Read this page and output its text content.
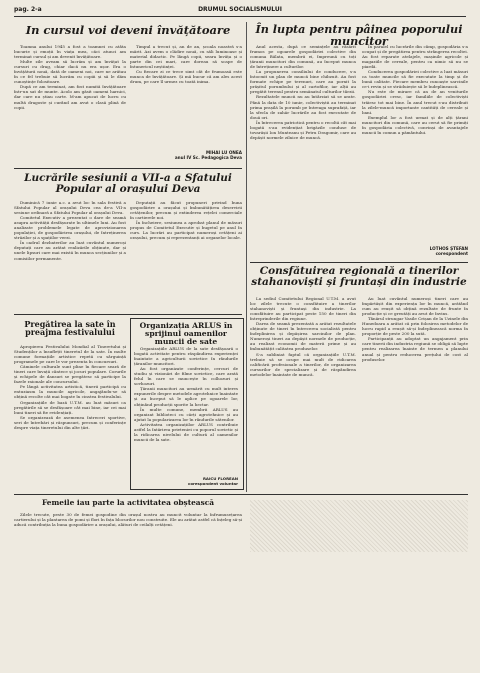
pag. 2-a	DRUMUL SOCIALISMULUI
In cursul voi deveni învățătoare

Toamna anului 1945 a fost a toamnei cu atâta bucurie și emoții în viața mea, căci atunci am terminat cursul și am devenit învățătoare.

Multe zile aveam să lucrăm și am învățat la cursuri cu drag, chiar dacă nu era ușor. Era o învățătură nouă, dată de oameni noi, care ne arătau în ce fel trebuie să lucrăm cu copiii și să le dăm cunoștințe folositoare.

După ce am terminat, am fost numită învățătoare într-un sat de munte. Acolo am găsit oameni harnici, dar care nu știau carte. M-am apucat de lucru cu multă dragoste și curând am avut o clasă plină de copii.

Timpul a trecut și, an de an, școala noastră s-a mărit. Azi avem o clădire nouă, cu săli luminoase și material didactic. Pe lângă copii, seara învăța și o parte din cei mari, care doreau să scape de întunericul neștiinței.

Cu fiecare zi ce trece simt cât de frumoasă este munca de învățătoare. Și mă bucur că am ales acest drum, pe care îl urmez cu toată inima.

MIHAI LU ONEA
anul IV Sc. Pedagogica Deva
Lucrările sesiunii a VII-a a Sfatului Popular al orașului Deva

Duminică 7 iunie a.c. a avut loc în sala festivă a Sfatului Popular al orașului Deva cea de-a VII-a sesiune ordinară a Sfatului Popular al orașului Deva.

Comitetul Executiv a prezentat o dare de seamă asupra activității desfășurate în ultimele luni. Au fost analizate problemele legate de aprovizionarea populației, de gospodărirea orașului, de întreținerea străzilor și a spațiilor verzi.

În cadrul dezbaterilor au luat cuvântul numeroși deputați care au arătat realizările obținute, dar și unele lipsuri care mai există în munca secțiunilor și a comisiilor permanente.

Deputații au făcut propuneri privind buna gospodărire a orașului și îmbunătățirea deservirii cetățenilor, precum și extinderea rețelei comerciale în cartierele noi.

În încheiere, sesiunea a aprobat planul de măsuri propus de Comitetul Executiv și bugetul pe anul în curs. La lucrări au participat numeroși cetățeni ai orașului, precum și reprezentanți ai organelor locale.

În lupta pentru pâinea poporului muncitor

Anul acesta, după ce semințele au răsărit frumos pe ogoarele gospodăriei colective din comuna Bălata, membrii ei, împreună cu toți țăranii muncitori din comună, au început munca de întreținere a culturilor.

La propunerea consiliului de conducere, s-a întocmit un plan de muncă bine chibzuit. Au fost formate echipe pe terenuri, care au pornit la prășitul porumbului și al cartofilor, iar alții au pregătit terenul pentru semănatul culturilor târzii.

Rezultatele muncii nu au întârziat să se arate. Până la data de 10 iunie, colectiviștii au terminat prima prașilă la porumb pe întreaga suprafață, iar la sfecla de zahăr lucrările au fost executate de două ori.

În întrecerea patriotică pentru o recoltă cât mai bogată s-au evidențiat brigăzile conduse de tovarășii Ion Munteanu și Petru Dragomir, care au depășit normele zilnice de muncă.

În paralel cu lucrările din câmp, gospodăria s-a ocupat și de pregătirea pentru strângerea recoltei. Au fost reparate atelajele, mașinile agricole și magaziile de cereale, pentru ca nimic să nu se piardă.

Conducerea gospodăriei colective a luat măsuri ca toate muncile să fie executate la timp și de bună calitate. Fiecare membru cunoaște sarcinile ce-i revin și se străduiește să le îndeplinească.

Nu este de mirare că an de an veniturile gospodăriei cresc, iar familiile de colectiviști trăiesc tot mai bine. În anul trecut s-au distribuit la zilele-muncă importante cantități de cereale și bani.

Exemplul lor a fost urmat și de alți țărani muncitori din comună, care au cerut să fie primiți în gospodăria colectivă, convinși de avantajele muncii în comun a pământului.

LOTHOS ȘTEFAN
corespondent
Consfătuirea regională a tinerilor stahanoviști și fruntași din industrie

La sediul Comitetului Regional U.T.M. a avut loc zilele trecute o consfătuire a tinerilor stahanoviști și fruntași din industrie. La consfătuire au participat peste 150 de tineri din întreprinderile din regiune.

Darea de seamă prezentată a arătat rezultatele obținute de tineri în întrecerea socialistă pentru îndeplinirea și depășirea sarcinilor de plan. Numeroși tineri au depășit normele de producție, au realizat economii de materii prime și au îmbunătățit calitatea produselor.

S-a subliniat faptul că organizațiile U.T.M. trebuie să se ocupe mai mult de ridicarea calificării profesionale a tinerilor, de organizarea cursurilor de specializare și de răspândirea metodelor înaintate de muncă.

Au luat cuvântul numeroși tineri care au împărtășit din experiența lor în muncă, arătând cum au reușit să obțină rezultate de frunte în producție și ce greutăți au avut de învins.

Tânărul strungar Vasile Crișan de la Uzinele din Hunedoara a arătat că prin folosirea metodelor de lucru rapid a reușit să-și îndeplinească norma în proporție de peste 200 la sută.

Participanții au adoptat un angajament prin care tinerii din industria regiunii se obligă să lupte pentru realizarea înainte de termen a planului anual și pentru reducerea prețului de cost al produselor.

Pregătirea la sate în preajma festivalului

Apropierea Festivalului Mondial al Tineretului și Studenților a însuflețit tineretul de la sate. În multe comune formațiile artistice repetă cu sârguință programele pe care le vor prezenta în concursuri.

Căminele culturale sunt pline în fiecare seară de tineri care învață cântece și jocuri populare. Corurile și echipele de dansuri se pregătesc să participe la fazele raionale ale concursului.

Pe lângă activitatea artistică, tinerii participă cu entuziasm la muncile agricole, angajându-se să obțină recolte cât mai bogate în cinstea festivalului.

Organizațiile de bază U.T.M. au luat măsuri ca pregătirile să se desfășoare cât mai bine, iar cei mai buni tineri să fie evidențiați.

Se organizează de asemenea întreceri sportive, seri de întrebări și răspunsuri, precum și conferințe despre viața tineretului din alte țări.

Organizația ARLUS în sprijinul oamenilor muncii de sate

Organizațiile ARLUS de la sate desfășoară o bogată activitate pentru răspândirea experienței înaintate a agriculturii sovietice în rândurile țăranilor muncitori.

Au fost organizate conferințe, cercuri de studiu și vizionări de filme sovietice, care arată felul în care se muncește în colhozuri și sovhozuri.

Țăranii muncitori au urmărit cu mult interes expunerile despre metodele agrotehnice înaintate și au început să le aplice pe ogoarele lor, obținând producții sporite la hectar.

În multe comune, membrii ARLUS au organizat biblioteci cu cărți agrotehnice și au ajutat la popularizarea lor în rândurile sătenilor.

Activitatea organizațiilor ARLUS contribuie astfel la întărirea prieteniei cu poporul sovietic și la ridicarea nivelului de cultură al oamenilor muncii de la sate.

RAICU FLOREAN
corespondent voluntar
Femeile iau parte la activitatea obștească

Zilele trecute, peste 30 de femei gospodine din orașul nostru au muncit voluntar la înfrumusețarea cartierului și la plantarea de pomi și flori în fața blocurilor nou construite. Ele au arătat astfel că înțeleg să-și aducă contribuția la buna gospodărire a orașului, alături de ceilalți cetățeni.
